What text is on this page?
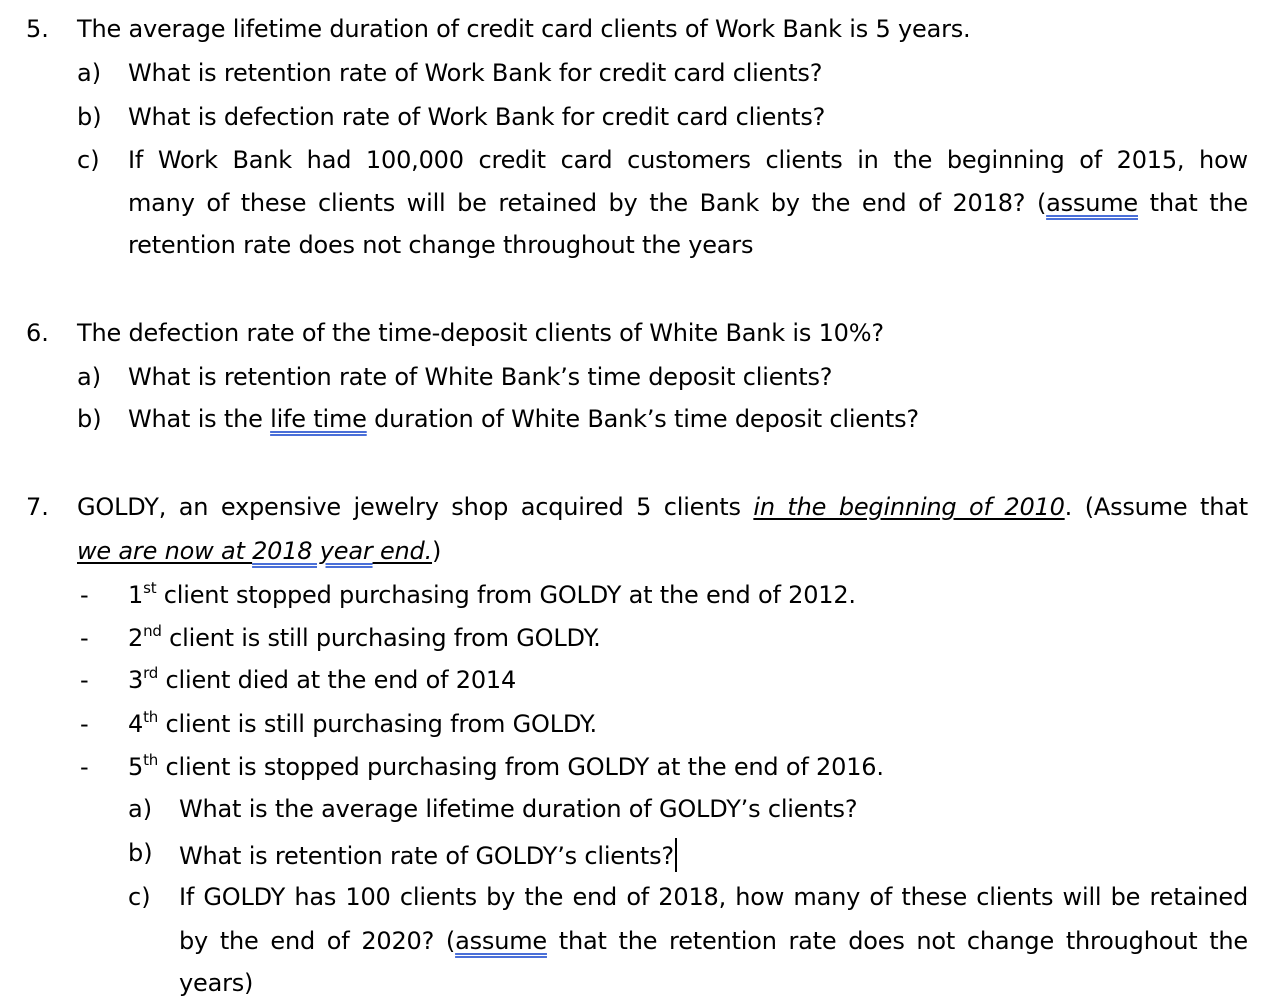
5. The average lifetime duration of credit card clients of Work Bank is 5 years.
a) What is retention rate of Work Bank for credit card clients?
b) What is defection rate of Work Bank for credit card clients?
c) If Work Bank had 100,000 credit card customers clients in the beginning of 2015, how
many of these clients will be retained by the Bank by the end of 2018? (assume that the
retention rate does not change throughout the years
6. The defection rate of the time-deposit clients of White Bank is 10%?
a) What is retention rate of White Bank’s time deposit clients?
b) What is the life time duration of White Bank’s time deposit clients?
7. GOLDY, an expensive jewelry shop acquired 5 clients in the beginning of 2010. (Assume that
we are now at 2018 year end.)
- 1st client stopped purchasing from GOLDY at the end of 2012.
- 2nd client is still purchasing from GOLDY.
- 3rd client died at the end of 2014
- 4th client is still purchasing from GOLDY.
- 5th client is stopped purchasing from GOLDY at the end of 2016.
a) What is the average lifetime duration of GOLDY’s clients?
b) What is retention rate of GOLDY’s clients?
c) If GOLDY has 100 clients by the end of 2018, how many of these clients will be retained
by the end of 2020? (assume that the retention rate does not change throughout the
years)
